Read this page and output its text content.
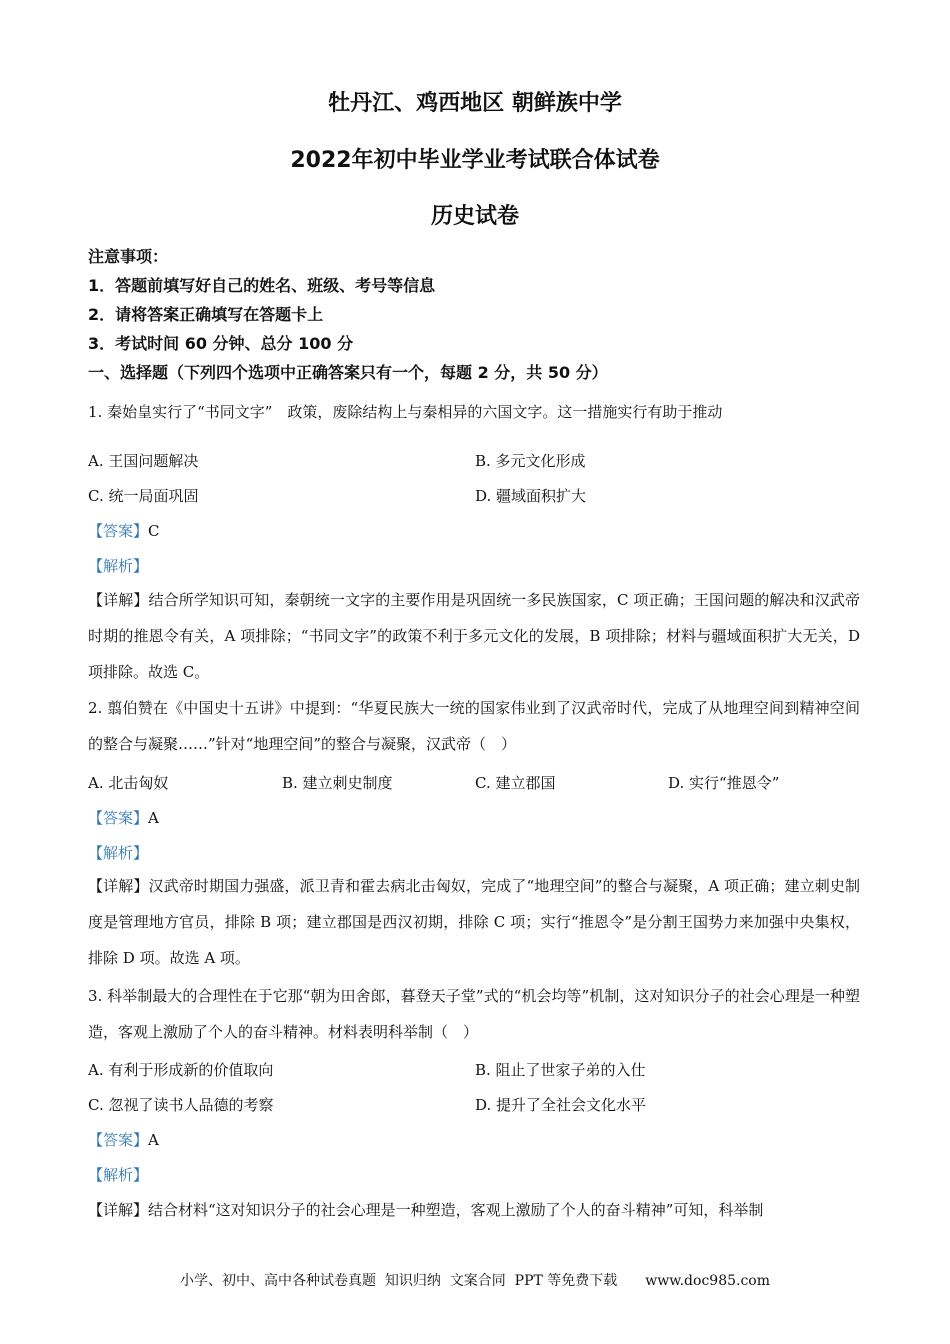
牡丹江、鸡西地区 朝鲜族中学
2022年初中毕业学业考试联合体试卷
历史试卷
注意事项：
1．答题前填写好自己的姓名、班级、考号等信息
2．请将答案正确填写在答题卡上
3．考试时间 60 分钟、总分 100 分
一、选择题（下列四个选项中正确答案只有一个，每题 2 分，共 50 分）
1. 秦始皇实行了“书同文字”　政策，废除结构上与秦相异的六国文字。这一措施实行有助于推动
A. 王国问题解决	B. 多元文化形成
C. 统一局面巩固	D. 疆域面积扩大
【答案】C
【解析】
【详解】结合所学知识可知，秦朝统一文字的主要作用是巩固统一多民族国家，C 项正确；王国问题的解决和汉武帝时期的推恩令有关，A 项排除；“书同文字”的政策不利于多元文化的发展，B 项排除；材料与疆域面积扩大无关，D 项排除。故选 C。
2. 翦伯赞在《中国史十五讲》中提到：“华夏民族大一统的国家伟业到了汉武帝时代，完成了从地理空间到精神空间的整合与凝聚……”针对“地理空间”的整合与凝聚，汉武帝（　）
A. 北击匈奴	B. 建立刺史制度	C. 建立郡国	D. 实行“推恩令”
【答案】A
【解析】
【详解】汉武帝时期国力强盛，派卫青和霍去病北击匈奴，完成了“地理空间”的整合与凝聚，A 项正确；建立刺史制度是管理地方官员，排除 B 项；建立郡国是西汉初期，排除 C 项；实行“推恩令”是分割王国势力来加强中央集权，排除 D 项。故选 A 项。
3. 科举制最大的合理性在于它那“朝为田舍郎，暮登天子堂”式的“机会均等”机制，这对知识分子的社会心理是一种塑造，客观上激励了个人的奋斗精神。材料表明科举制（　）
A. 有利于形成新的价值取向	B. 阻止了世家子弟的入仕
C. 忽视了读书人品德的考察	D. 提升了全社会文化水平
【答案】A
【解析】
【详解】结合材料“这对知识分子的社会心理是一种塑造，客观上激励了个人的奋斗精神”可知，科举制
小学、初中、高中各种试卷真题  知识归纳  文案合同  PPT 等免费下载　　www.doc985.com
